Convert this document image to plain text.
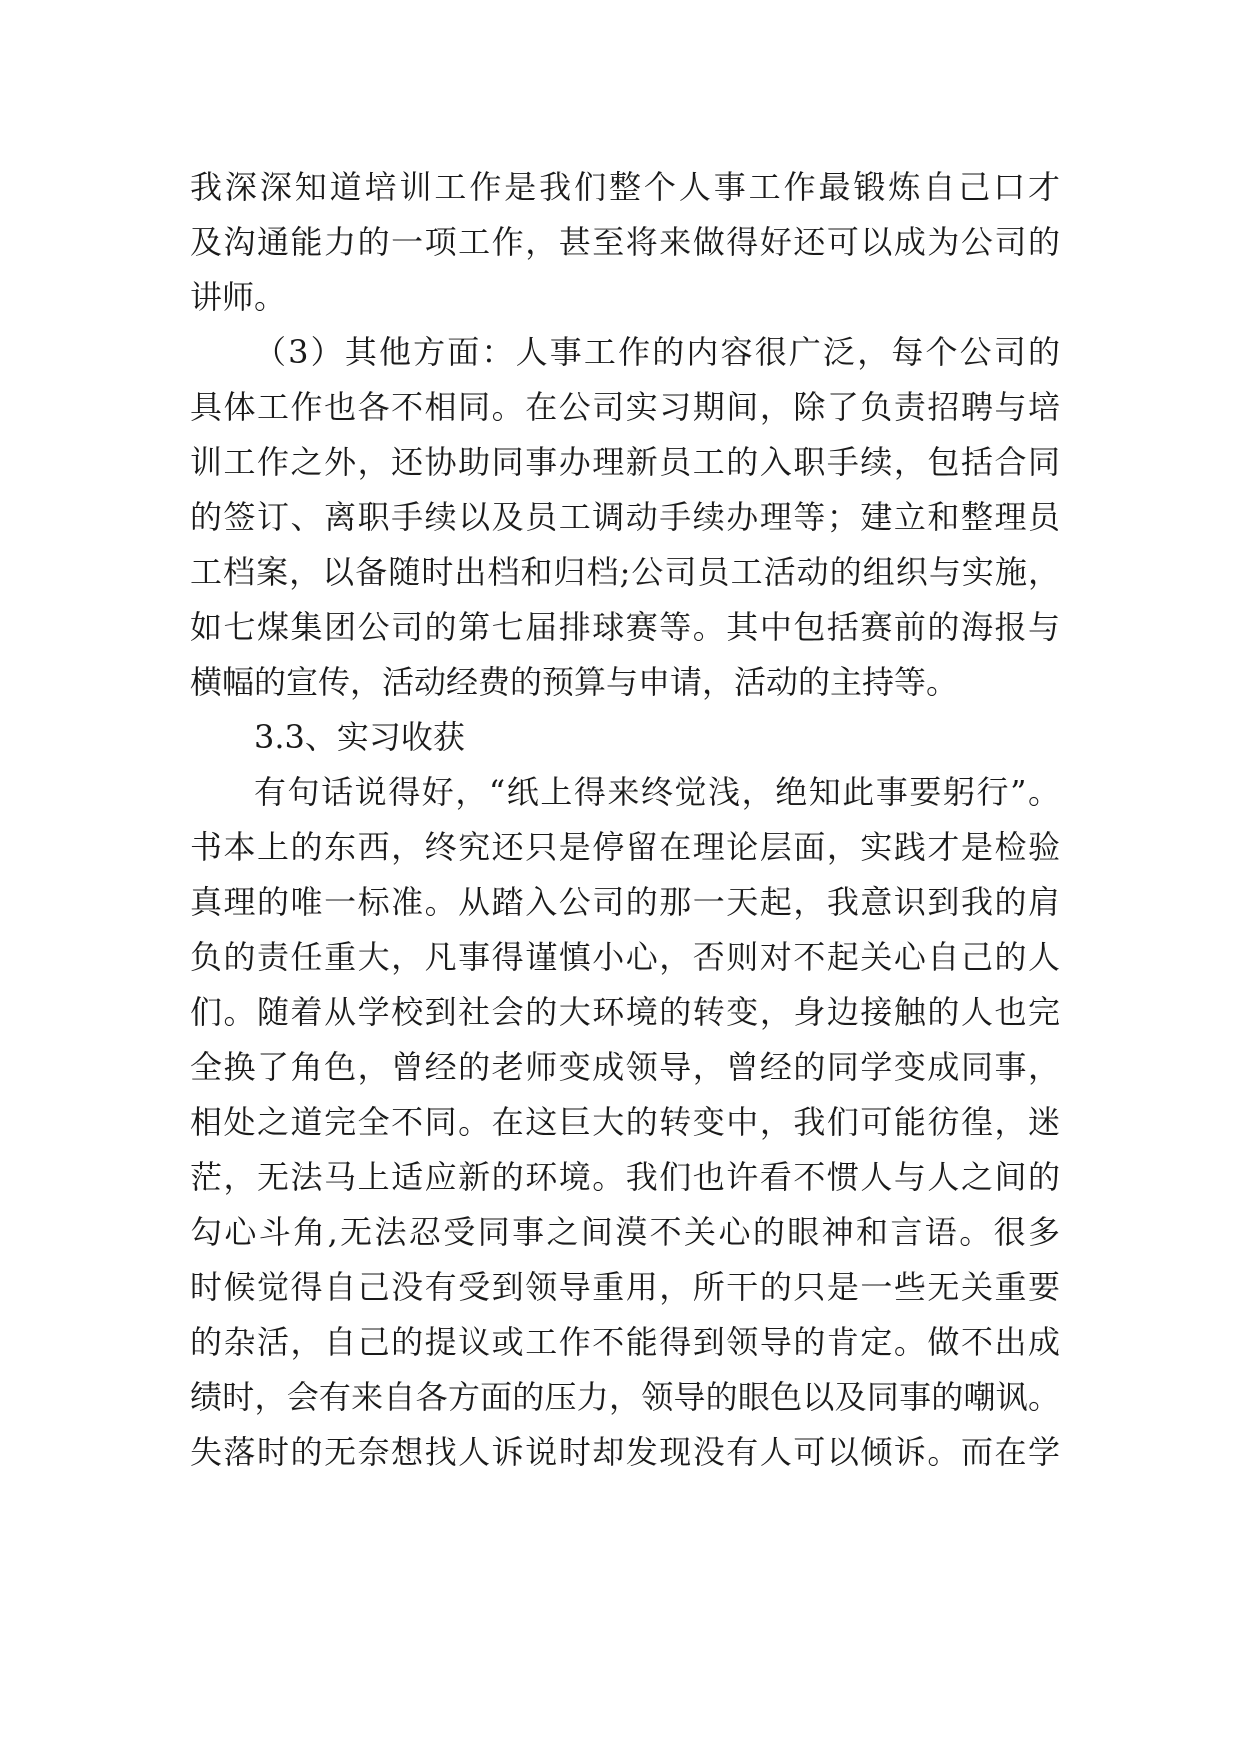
我深深知道培训工作是我们整个人事工作最锻炼自己口才
及沟通能力的一项工作，甚至将来做得好还可以成为公司的
讲师。
（3）其他方面：人事工作的内容很广泛，每个公司的
具体工作也各不相同。在公司实习期间，除了负责招聘与培
训工作之外，还协助同事办理新员工的入职手续，包括合同
的签订、离职手续以及员工调动手续办理等；建立和整理员
工档案，以备随时出档和归档;公司员工活动的组织与实施，
如七煤集团公司的第七届排球赛等。其中包括赛前的海报与
横幅的宣传，活动经费的预算与申请，活动的主持等。
3.3、实习收获
有句话说得好，“纸上得来终觉浅，绝知此事要躬行”。
书本上的东西，终究还只是停留在理论层面，实践才是检验
真理的唯一标准。从踏入公司的那一天起，我意识到我的肩
负的责任重大，凡事得谨慎小心，否则对不起关心自己的人
们。随着从学校到社会的大环境的转变，身边接触的人也完
全换了角色，曾经的老师变成领导，曾经的同学变成同事，
相处之道完全不同。在这巨大的转变中，我们可能彷徨，迷
茫，无法马上适应新的环境。我们也许看不惯人与人之间的
勾心斗角,无法忍受同事之间漠不关心的眼神和言语。很多
时候觉得自己没有受到领导重用，所干的只是一些无关重要
的杂活，自己的提议或工作不能得到领导的肯定。做不出成
绩时，会有来自各方面的压力，领导的眼色以及同事的嘲讽。
失落时的无奈想找人诉说时却发现没有人可以倾诉。而在学
